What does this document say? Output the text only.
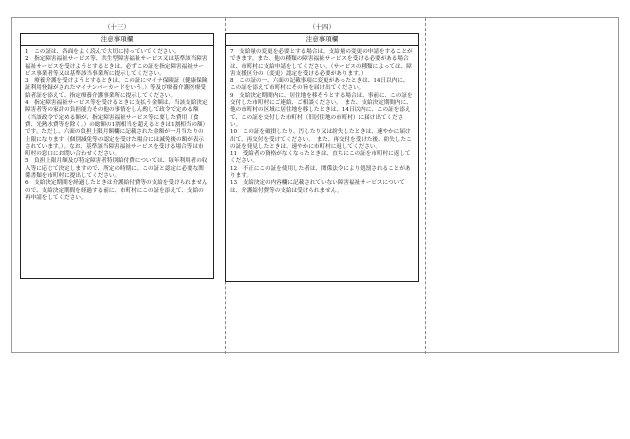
（十三）
注意事項欄

1　この証は、各面をよく読んで大切に持っていてください。

2　指定障害福祉サービス等、共生型障害福祉サービス又は基準該当障害福祉サービスを受けようとするときは、必ずこの証を指定障害福祉サービス事業者等又は基準該当事業所に提示してください。

3　療養介護を受けようとするときは、この証にマイナ保険証（健康保険証利用登録がされたマイナンバーカードをいう。）等及び療養介護医療受給者証を添えて、指定療養介護事業所に提示してください。

4　指定障害福祉サービス等を受けるときに支払う金額は、当該支給決定障害者等の家計の負担能力その他の事情をしん酌して政令で定める額（当該政令で定める額が、指定障害福祉サービス等に要した費用（食費、光熱水費等を除く。）の総額の1割相当を超えるときは1割相当の額）です。ただし、六面の負担上限月額欄に記載された金額が一月当たりの上限になります（個別減免等の認定を受けた場合には減免後の額が表示されています。）。なお、基準該当障害福祉サービスを受ける場合等は市町村の窓口にお問い合わせください。

5　負担上限月額及び特定障害者特別給付費については、毎年利用者の収入等に応じて決定しますので、所定の時期に、この証と認定に必要な関係書類を市町村に提出してください。

6　支給決定期間を経過したときは介護給付費等の支給を受けられませんので、支給決定期間を経過する前に、市町村にこの証を添えて、支給の再申請をしてください。

（十四）
注意事項欄

7　支給量の変更を必要とする場合は、支給量の変更の申請をすることができます。また、他の種類の障害福祉サービスを受ける必要がある場合は、市町村に支給申請をしてください。（サービスの種類によっては、障害支援区分の（変更）認定を受ける必要があります。）

8　この証の一、六面の記載事項に変更があったときは、14日以内に、この証を添えて市町村にその旨を届け出てください。

9　支給決定期間内に、居住地を移そうとする場合は、事前に、この証を交付した市町村にご連絡、ご相談ください。　また、支給決定期間内に、他の市町村の区域に居住地を移したときは、14日以内に、この証を添えて、この証を交付した市町村（旧居住地の市町村）に届け出てください。

10　この証を破損したり、汚したり又は紛失したときは、速やかに届け出て、再交付を受けてください。　また、再交付を受けた後、紛失したこの証を発見したときは、速やかに市町村に返してください。

11　受給者の資格がなくなったときは、直ちにこの証を市町村に返してください。

12　不正にこの証を使用した者は、関係法令により処罰されることがあります。

13　支給決定の内容欄に記載されていない障害福祉サービスについては、介護給付費等の支給は受けられません。
